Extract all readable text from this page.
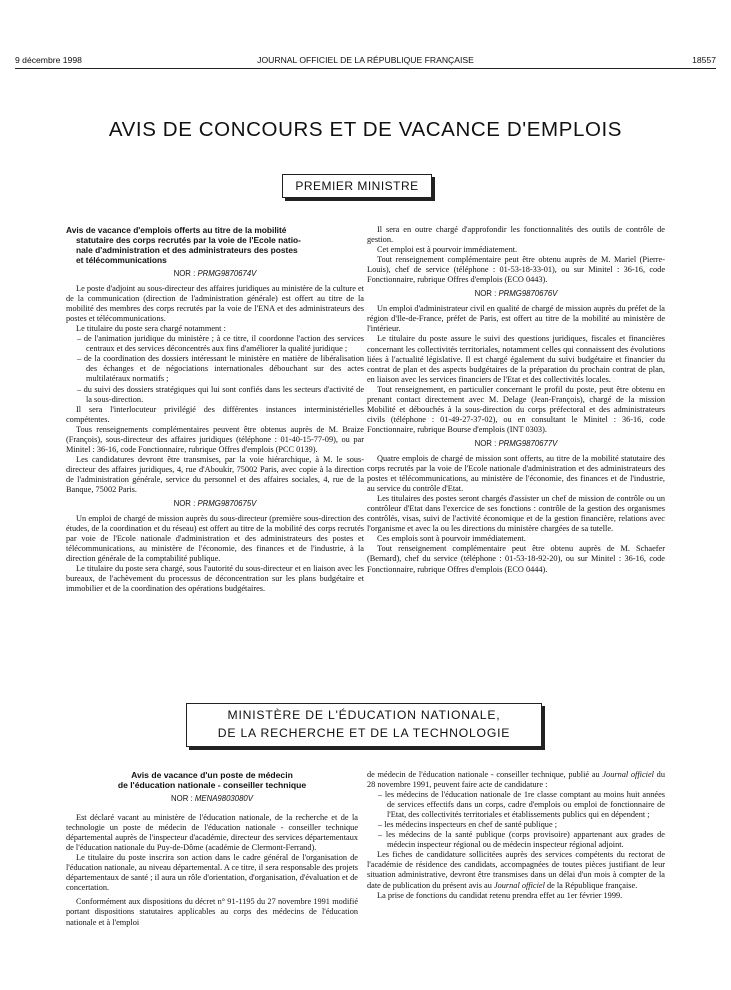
9 décembre 1998	JOURNAL OFFICIEL DE LA RÉPUBLIQUE FRANÇAISE	18557
AVIS DE CONCOURS ET DE VACANCE D'EMPLOIS
PREMIER MINISTRE
Avis de vacance d'emplois offerts au titre de la mobilité
statutaire des corps recrutés par la voie de l'Ecole natio-
nale d'administration et des administrateurs des postes
et télécommunications
NOR : PRMG9870674V

Le poste d'adjoint au sous-directeur des affaires juridiques au ministère de la culture et de la communication (direction de l'administration générale) est offert au titre de la mobilité des membres des corps recrutés par la voie de l'ENA et des administrateurs des postes et télécommunications.

Le titulaire du poste sera chargé notamment :

– de l'animation juridique du ministère ; à ce titre, il coordonne l'action des services centraux et des services déconcentrés aux fins d'améliorer la qualité juridique ;

– de la coordination des dossiers intéressant le ministère en matière de libéralisation des échanges et de négociations internationales débouchant sur des actes multilatéraux normatifs ;

– du suivi des dossiers stratégiques qui lui sont confiés dans les secteurs d'activité de la sous-direction.

Il sera l'interlocuteur privilégié des différentes instances interministérielles compétentes.

Tous renseignements complémentaires peuvent être obtenus auprès de M. Braize (François), sous-directeur des affaires juridiques (téléphone : 01-40-15-77-09), ou par Minitel : 36-16, code Fonctionnaire, rubrique Offres d'emplois (PCC 0139).

Les candidatures devront être transmises, par la voie hiérarchique, à M. le sous-directeur des affaires juridiques, 4, rue d'Aboukir, 75002 Paris, avec copie à la direction de l'administration générale, service du personnel et des affaires sociales, 4, rue de la Banque, 75002 Paris.

NOR : PRMG9870675V

Un emploi de chargé de mission auprès du sous-directeur (première sous-direction des études, de la coordination et du réseau) est offert au titre de la mobilité des corps recrutés par voie de l'Ecole nationale d'administration et des administrateurs des postes et télécommunications, au ministère de l'économie, des finances et de l'industrie, à la direction générale de la comptabilité publique.

Le titulaire du poste sera chargé, sous l'autorité du sous-directeur et en liaison avec les bureaux, de l'achèvement du processus de déconcentration sur les plans budgétaire et immobilier et de la coordination des opérations budgétaires.

Il sera en outre chargé d'approfondir les fonctionnalités des outils de contrôle de gestion.

Cet emploi est à pourvoir immédiatement.

Tout renseignement complémentaire peut être obtenu auprès de M. Mariel (Pierre-Louis), chef de service (téléphone : 01-53-18-33-01), ou sur Minitel : 36-16, code Fonctionnaire, rubrique Offres d'emplois (ECO 0443).

NOR : PRMG9870676V

Un emploi d'administrateur civil en qualité de chargé de mission auprès du préfet de la région d'Ile-de-France, préfet de Paris, est offert au titre de la mobilité au ministère de l'intérieur.

Le titulaire du poste assure le suivi des questions juridiques, fiscales et financières concernant les collectivités territoriales, notamment celles qui connaissent des évolutions liées à l'actualité législative. Il est chargé également du suivi budgétaire et financier du contrat de plan et des aspects budgétaires de la préparation du prochain contrat de plan, en liaison avec les services financiers de l'Etat et des collectivités locales.

Tout renseignement, en particulier concernant le profil du poste, peut être obtenu en prenant contact directement avec M. Delage (Jean-François), chargé de la mission Mobilité et débouchés à la sous-direction du corps préfectoral et des administrateurs civils (téléphone : 01-49-27-37-02), ou en consultant le Minitel : 36-16, code Fonctionnaire, rubrique Bourse d'emplois (INT 0303).

NOR : PRMG9870677V

Quatre emplois de chargé de mission sont offerts, au titre de la mobilité statutaire des corps recrutés par la voie de l'Ecole nationale d'administration et des administrateurs des postes et télécommunications, au ministère de l'économie, des finances et de l'industrie, au service du contrôle d'Etat.

Les titulaires des postes seront chargés d'assister un chef de mission de contrôle ou un contrôleur d'Etat dans l'exercice de ses fonctions : contrôle de la gestion des organismes contrôlés, visas, suivi de l'activité économique et de la gestion financière, relations avec l'organisme et avec la ou les directions du ministère chargées de sa tutelle.

Ces emplois sont à pourvoir immédiatement.

Tout renseignement complémentaire peut être obtenu auprès de M. Schaefer (Bernard), chef du service (téléphone : 01-53-18-92-20), ou sur Minitel : 36-16, code Fonctionnaire, rubrique Offres d'emplois (ECO 0444).

MINISTÈRE DE L'ÉDUCATION NATIONALE,
DE LA RECHERCHE ET DE LA TECHNOLOGIE
Avis de vacance d'un poste de médecin
de l'éducation nationale - conseiller technique
NOR : MENA9803080V

Est déclaré vacant au ministère de l'éducation nationale, de la recherche et de la technologie un poste de médecin de l'éducation nationale - conseiller technique départemental auprès de l'inspecteur d'académie, directeur des services départementaux de l'éducation nationale du Puy-de-Dôme (académie de Clermont-Ferrand).

Le titulaire du poste inscrira son action dans le cadre général de l'organisation de l'éducation nationale, au niveau départemental. A ce titre, il sera responsable des projets départementaux de santé ; il aura un rôle d'orientation, d'organisation, d'évaluation et de concertation.

Conformément aux dispositions du décret n° 91-1195 du 27 novembre 1991 modifié portant dispositions statutaires applicables au corps des médecins de l'éducation nationale et à l'emploi

de médecin de l'éducation nationale - conseiller technique, publié au Journal officiel du 28 novembre 1991, peuvent faire acte de candidature :

– les médecins de l'éducation nationale de 1re classe comptant au moins huit années de services effectifs dans un corps, cadre d'emplois ou emploi de fonctionnaire de l'Etat, des collectivités territoriales et établissements publics qui en dépendent ;

– les médecins inspecteurs en chef de santé publique ;

– les médecins de la santé publique (corps provisoire) appartenant aux grades de médecin inspecteur régional ou de médecin inspecteur régional adjoint.

Les fiches de candidature sollicitées auprès des services compétents du rectorat de l'académie de résidence des candidats, accompagnées de toutes pièces justifiant de leur situation administrative, devront être transmises dans un délai d'un mois à compter de la date de publication du présent avis au Journal officiel de la République française.

La prise de fonctions du candidat retenu prendra effet au 1er février 1999.
